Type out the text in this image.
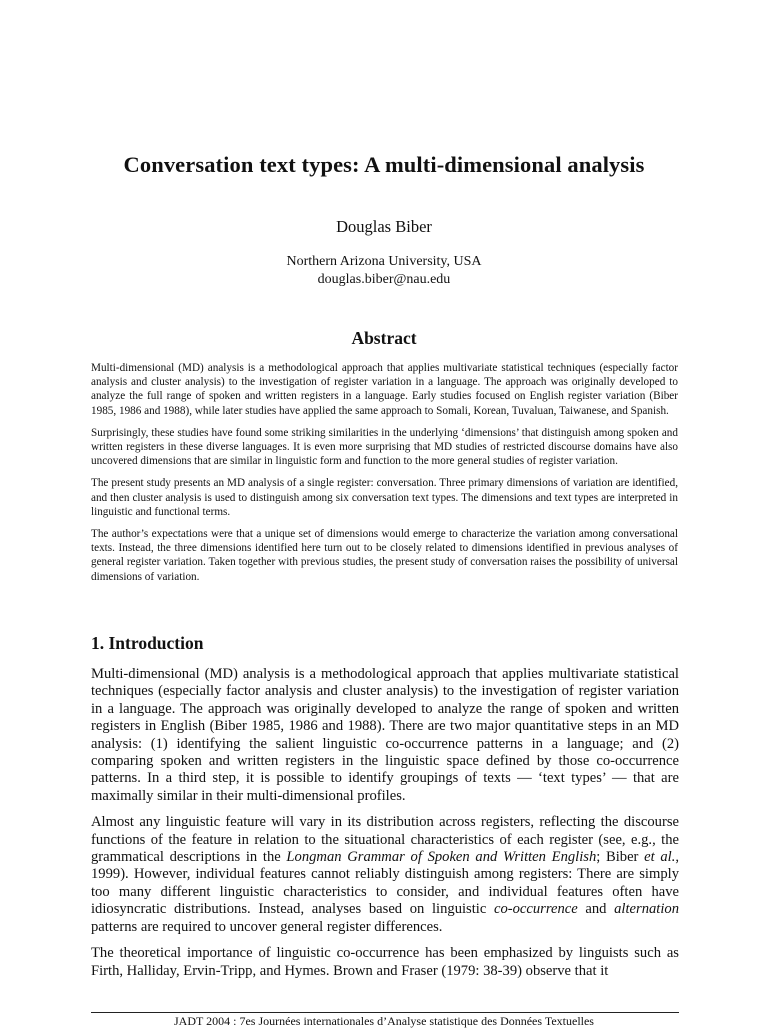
Conversation text types: A multi-dimensional analysis

Douglas Biber

Northern Arizona University, USA
douglas.biber@nau.edu

Abstract

Multi-dimensional (MD) analysis is a methodological approach that applies multivariate statistical techniques (especially factor analysis and cluster analysis) to the investigation of register variation in a language. The approach was originally developed to analyze the full range of spoken and written registers in a language. Early studies focused on English register variation (Biber 1985, 1986 and 1988), while later studies have applied the same approach to Somali, Korean, Tuvaluan, Taiwanese, and Spanish.

Surprisingly, these studies have found some striking similarities in the underlying ‘dimensions’ that distinguish among spoken and written registers in these diverse languages. It is even more surprising that MD studies of restricted discourse domains have also uncovered dimensions that are similar in linguistic form and function to the more general studies of register variation.

The present study presents an MD analysis of a single register: conversation. Three primary dimensions of variation are identified, and then cluster analysis is used to distinguish among six conversation text types. The dimensions and text types are interpreted in linguistic and functional terms.

The author’s expectations were that a unique set of dimensions would emerge to characterize the variation among conversational texts. Instead, the three dimensions identified here turn out to be closely related to dimensions identified in previous analyses of general register variation. Taken together with previous studies, the present study of conversation raises the possibility of universal dimensions of variation.

1. Introduction

Multi-dimensional (MD) analysis is a methodological approach that applies multivariate statistical techniques (especially factor analysis and cluster analysis) to the investigation of register variation in a language. The approach was originally developed to analyze the range of spoken and written registers in English (Biber 1985, 1986 and 1988). There are two major quantitative steps in an MD analysis: (1) identifying the salient linguistic co-occurrence patterns in a language; and (2) comparing spoken and written registers in the linguistic space defined by those co-occurrence patterns. In a third step, it is possible to identify groupings of texts — ‘text types’ — that are maximally similar in their multi-dimensional profiles.

Almost any linguistic feature will vary in its distribution across registers, reflecting the discourse functions of the feature in relation to the situational characteristics of each register (see, e.g., the grammatical descriptions in the Longman Grammar of Spoken and Written English; Biber et al., 1999). However, individual features cannot reliably distinguish among registers: There are simply too many different linguistic characteristics to consider, and individual features often have idiosyncratic distributions. Instead, analyses based on linguistic co-occurrence and alternation patterns are required to uncover general register differences.

The theoretical importance of linguistic co-occurrence has been emphasized by linguists such as Firth, Halliday, Ervin-Tripp, and Hymes. Brown and Fraser (1979: 38-39) observe that it

JADT 2004 : 7es Journées internationales d’Analyse statistique des Données Textuelles
